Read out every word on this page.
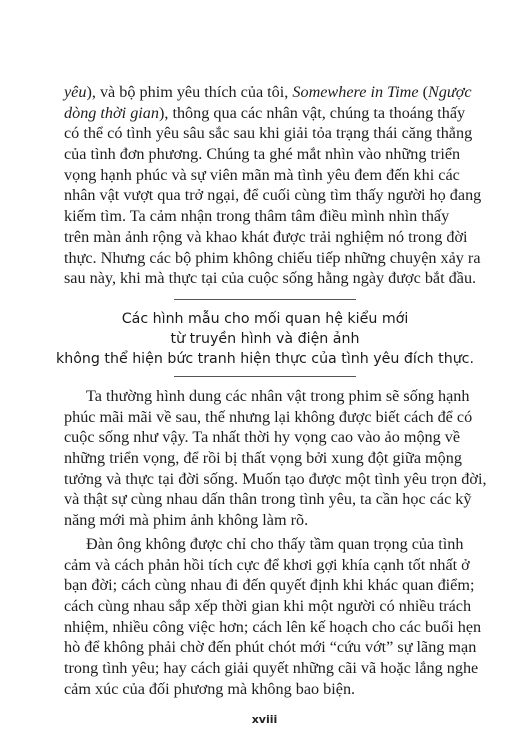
yêu), và bộ phim yêu thích của tôi, Somewhere in Time (Ngược
dòng thời gian), thông qua các nhân vật, chúng ta thoáng thấy
có thể có tình yêu sâu sắc sau khi giải tỏa trạng thái căng thẳng
của tình đơn phương. Chúng ta ghé mắt nhìn vào những triển
vọng hạnh phúc và sự viên mãn mà tình yêu đem đến khi các
nhân vật vượt qua trở ngại, để cuối cùng tìm thấy người họ đang
kiếm tìm. Ta cảm nhận trong thâm tâm điều mình nhìn thấy
trên màn ảnh rộng và khao khát được trải nghiệm nó trong đời
thực. Nhưng các bộ phim không chiếu tiếp những chuyện xảy ra
sau này, khi mà thực tại của cuộc sống hằng ngày được bắt đầu.
Các hình mẫu cho mối quan hệ kiểu mới
từ truyền hình và điện ảnh
không thể hiện bức tranh hiện thực của tình yêu đích thực.
Ta thường hình dung các nhân vật trong phim sẽ sống hạnh
phúc mãi mãi về sau, thế nhưng lại không được biết cách để có
cuộc sống như vậy. Ta nhất thời hy vọng cao vào ảo mộng về
những triển vọng, để rồi bị thất vọng bởi xung đột giữa mộng
tưởng và thực tại đời sống. Muốn tạo được một tình yêu trọn đời,
và thật sự cùng nhau dấn thân trong tình yêu, ta cần học các kỹ
năng mới mà phim ảnh không làm rõ.
Đàn ông không được chỉ cho thấy tầm quan trọng của tình
cảm và cách phản hồi tích cực để khơi gợi khía cạnh tốt nhất ở
bạn đời; cách cùng nhau đi đến quyết định khi khác quan điểm;
cách cùng nhau sắp xếp thời gian khi một người có nhiều trách
nhiệm, nhiều công việc hơn; cách lên kế hoạch cho các buổi hẹn
hò để không phải chờ đến phút chót mới “cứu vớt” sự lãng mạn
trong tình yêu; hay cách giải quyết những cãi vã hoặc lắng nghe
cảm xúc của đối phương mà không bao biện.
xviii
